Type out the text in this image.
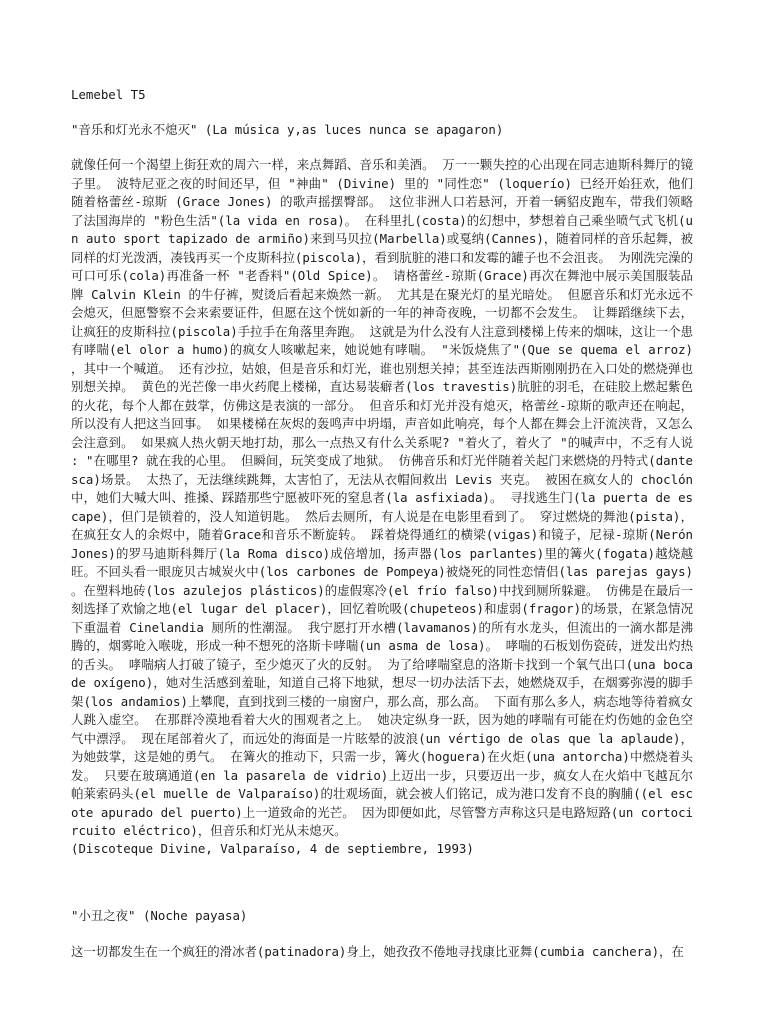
Lemebel T5

"音乐和灯光永不熄灭" (La música y,as luces nunca se apagaron)

就像任何一个渴望上街狂欢的周六一样，来点舞蹈、音乐和美酒。 万一一颗失控的心出现在同志迪斯科舞厅的镜子里。 波特尼亚之夜的时间还早，但 "神曲" (Divine) 里的 "同性恋" (loquerío) 已经开始狂欢，他们随着格蕾丝-琼斯 (Grace Jones) 的歌声摇摆臀部。 这位非洲人口若悬河，开着一辆貂皮跑车，带我们领略了法国海岸的 "粉色生活"(la vida en rosa)。 在科里扎(costa)的幻想中，梦想着自己乘坐喷气式飞机(un auto sport tapizado de armiño)来到马贝拉(Marbella)或戛纳(Cannes)，随着同样的音乐起舞，被同样的灯光泼洒，凑钱再买一个皮斯科拉(piscola)，看到肮脏的港口和发霉的罐子也不会沮丧。 为刚洗完澡的可口可乐(cola)再准备一杯 "老香料"(Old Spice)。 请格蕾丝-琼斯(Grace)再次在舞池中展示美国服装品牌 Calvin Klein 的牛仔裤，熨烫后看起来焕然一新。 尤其是在聚光灯的星光暗处。 但愿音乐和灯光永远不会熄灭，但愿警察不会来索要证件，但愿在这个恍如新的一年的神奇夜晚，一切都不会发生。 让舞蹈继续下去，让疯狂的皮斯科拉(piscola)手拉手在角落里奔跑。 这就是为什么没有人注意到楼梯上传来的烟味，这让一个患有哮喘(el olor a humo)的疯女人咳嗽起来，她说她有哮喘。 "米饭烧焦了"(Que se quema el arroz)，其中一个喊道。 还有沙拉，姑娘，但是音乐和灯光，谁也别想关掉；甚至连法西斯刚刚扔在入口处的燃烧弹也别想关掉。 黄色的光芒像一串火药爬上楼梯，直达易装癖者(los travestis)肮脏的羽毛，在硅胶上燃起紫色的火花，每个人都在鼓掌，仿佛这是表演的一部分。 但音乐和灯光并没有熄灭，格蕾丝-琼斯的歌声还在响起，所以没有人把这当回事。 如果楼梯在灰烬的轰鸣声中坍塌，声音如此响亮，每个人都在舞会上汗流浃背，又怎么会注意到。 如果疯人热火朝天地打劫，那么一点热又有什么关系呢? "着火了，着火了 "的喊声中，不乏有人说: "在哪里? 就在我的心里。 但瞬间，玩笑变成了地狱。 仿佛音乐和灯光伴随着关起门来燃烧的丹特式(dantesca)场景。 太热了，无法继续跳舞，太害怕了，无法从衣帽间救出 Levis 夹克。 被困在疯女人的 choclón 中，她们大喊大叫、推搡、踩踏那些宁愿被吓死的窒息者(la asfixiada)。 寻找逃生门(la puerta de escape)，但门是锁着的，没人知道钥匙。 然后去厕所，有人说是在电影里看到了。 穿过燃烧的舞池(pista)，在疯狂女人的余烬中，随着Grace和音乐不断旋转。 踩着烧得通红的横梁(vigas)和镜子，尼禄-琼斯(Nerón Jones)的罗马迪斯科舞厅(la Roma disco)成倍增加，扬声器(los parlantes)里的篝火(fogata)越烧越旺。不回头看一眼庞贝古城炭火中(los carbones de Pompeya)被烧死的同性恋情侣(las parejas gays)。在塑料地砖(los azulejos plásticos)的虚假寒冷(el frío falso)中找到厕所躲避。 仿佛是在最后一刻选择了欢愉之地(el lugar del placer)，回忆着吮吸(chupeteos)和虚弱(fragor)的场景，在紧急情况下重温着 Cinelandia 厕所的性潮湿。 我宁愿打开水槽(lavamanos)的所有水龙头，但流出的一滴水都是沸腾的，烟雾呛入喉咙，形成一种不想死的洛斯卡哮喘(un asma de losa)。 哮喘的石板划伤瓷砖，迸发出灼热的舌头。 哮喘病人打破了镜子，至少熄灭了火的反射。 为了给哮喘窒息的洛斯卡找到一个氧气出口(una boca de oxígeno)，她对生活感到羞耻，知道自己将下地狱，想尽一切办法活下去，她燃烧双手，在烟雾弥漫的脚手架(los andamios)上攀爬，直到找到三楼的一扇窗户，那么高，那么高。 下面有那么多人，病态地等待着疯女人跳入虚空。 在那群冷漠地看着大火的围观者之上。 她决定纵身一跃，因为她的哮喘有可能在灼伤她的金色空气中漂浮。 现在尾部着火了，而远处的海面是一片眩晕的波浪(un vértigo de olas que la aplaude)，为她鼓掌，这是她的勇气。 在篝火的推动下，只需一步，篝火(hoguera)在火炬(una antorcha)中燃烧着头发。 只要在玻璃通道(en la pasarela de vidrio)上迈出一步，只要迈出一步，疯女人在火焰中飞越瓦尔帕莱索码头(el muelle de Valparaíso)的壮观场面，就会被人们铭记，成为港口发育不良的胸脯((el escote apurado del puerto)上一道致命的光芒。 因为即便如此，尽管警方声称这只是电路短路(un cortocircuito eléctrico)，但音乐和灯光从未熄灭。

(Discoteque Divine, Valparaíso, 4 de septiembre, 1993)

"小丑之夜" (Noche payasa)

这一切都发生在一个疯狂的滑冰者(patinadora)身上，她孜孜不倦地寻找康比亚舞(cumbia canchera)，在
